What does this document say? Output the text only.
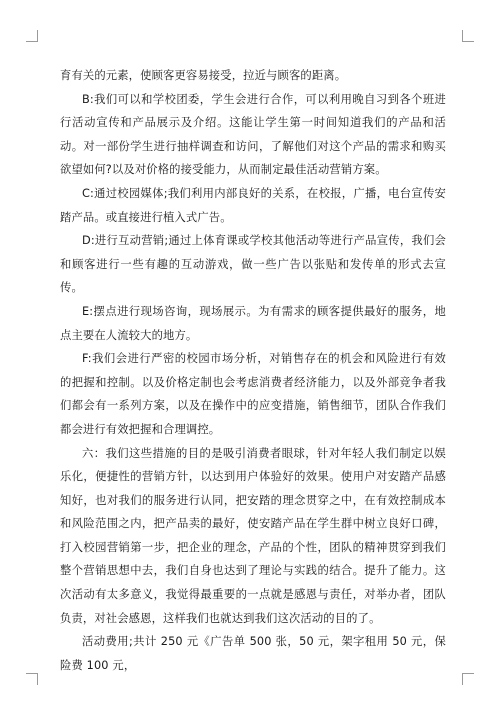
育有关的元素，使顾客更容易接受，拉近与顾客的距离。

B:我们可以和学校团委，学生会进行合作，可以利用晚自习到各个班进行活动宣传和产品展示及介绍。这能让学生第一时间知道我们的产品和活动。对一部份学生进行抽样调查和访问，了解他们对这个产品的需求和购买欲望如何?以及对价格的接受能力，从而制定最佳活动营销方案。

C:通过校园媒体;我们利用内部良好的关系，在校报，广播，电台宣传安踏产品。或直接进行植入式广告。

D:进行互动营销;通过上体育课或学校其他活动等进行产品宣传，我们会和顾客进行一些有趣的互动游戏，做一些广告以张贴和发传单的形式去宣传。

E:摆点进行现场咨询，现场展示。为有需求的顾客提供最好的服务，地点主要在人流较大的地方。

F:我们会进行严密的校园市场分析，对销售存在的机会和风险进行有效的把握和控制。以及价格定制也会考虑消费者经济能力，以及外部竞争者我们都会有一系列方案，以及在操作中的应变措施，销售细节，团队合作我们都会进行有效把握和合理调控。

六：我们这些措施的目的是吸引消费者眼球，针对年轻人我们制定以娱乐化，便捷性的营销方针，以达到用户体验好的效果。使用户对安踏产品感知好，也对我们的服务进行认同，把安踏的理念贯穿之中，在有效控制成本和风险范围之内，把产品卖的最好，使安踏产品在学生群中树立良好口碑，打入校园营销第一步，把企业的理念，产品的个性，团队的精神贯穿到我们整个营销思想中去，我们自身也达到了理论与实践的结合。提升了能力。这次活动有太多意义，我觉得最重要的一点就是感恩与责任，对举办者，团队负责，对社会感恩，这样我们也就达到我们这次活动的目的了。

活动费用;共计 250 元《广告单 500 张，50 元，架字租用 50 元，保险费 100 元，
